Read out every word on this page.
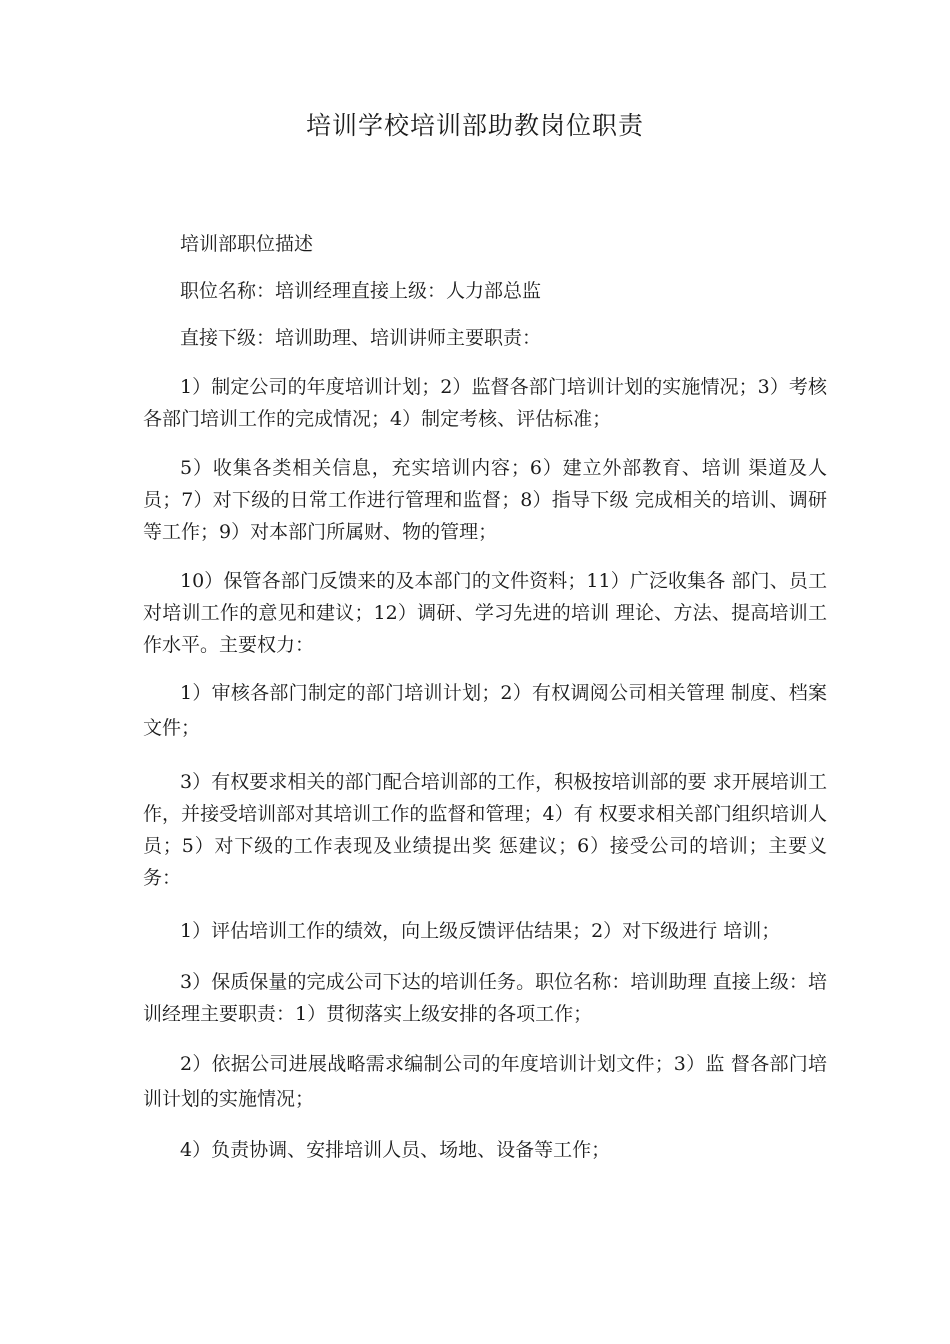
培训学校培训部助教岗位职责

培训部职位描述

职位名称：培训经理直接上级：人力部总监

直接下级：培训助理、培训讲师主要职责：

1）制定公司的年度培训计划；2）监督各部门培训计划的实施情况；3）考核各部门培训工作的完成情况；4）制定考核、评估标准；

5）收集各类相关信息，充实培训内容；6）建立外部教育、培训 渠道及人员；7）对下级的日常工作进行管理和监督；8）指导下级 完成相关的培训、调研等工作；9）对本部门所属财、物的管理；

10）保管各部门反馈来的及本部门的文件资料；11）广泛收集各 部门、员工对培训工作的意见和建议；12）调研、学习先进的培训 理论、方法、提高培训工作水平。主要权力：

1）审核各部门制定的部门培训计划；2）有权调阅公司相关管理 制度、档案文件；

3）有权要求相关的部门配合培训部的工作，积极按培训部的要 求开展培训工作，并接受培训部对其培训工作的监督和管理；4）有 权要求相关部门组织培训人员；5）对下级的工作表现及业绩提出奖 惩建议；6）接受公司的培训；主要义务：

1）评估培训工作的绩效，向上级反馈评估结果；2）对下级进行 培训；

3）保质保量的完成公司下达的培训任务。职位名称：培训助理 直接上级：培训经理主要职责：1）贯彻落实上级安排的各项工作；

2）依据公司进展战略需求编制公司的年度培训计划文件；3）监 督各部门培训计划的实施情况；

4）负责协调、安排培训人员、场地、设备等工作；
